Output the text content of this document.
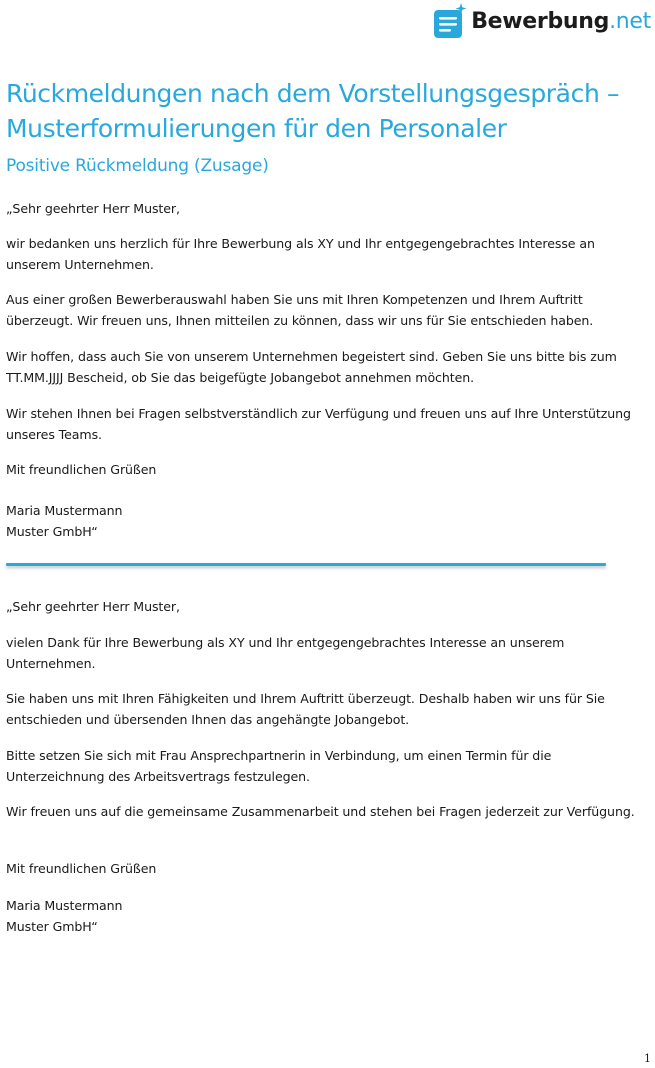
Bewerbung.net
Rückmeldungen nach dem Vorstellungsgespräch – Musterformulierungen für den Personaler
Positive Rückmeldung (Zusage)

„Sehr geehrter Herr Muster,

wir bedanken uns herzlich für Ihre Bewerbung als XY und Ihr entgegengebrachtes Interesse an unserem Unternehmen.

Aus einer großen Bewerberauswahl haben Sie uns mit Ihren Kompetenzen und Ihrem Auftritt überzeugt. Wir freuen uns, Ihnen mitteilen zu können, dass wir uns für Sie entschieden haben.

Wir hoffen, dass auch Sie von unserem Unternehmen begeistert sind. Geben Sie uns bitte bis zum TT.MM.JJJJ Bescheid, ob Sie das beigefügte Jobangebot annehmen möchten.

Wir stehen Ihnen bei Fragen selbstverständlich zur Verfügung und freuen uns auf Ihre Unterstützung unseres Teams.

Mit freundlichen Grüßen

Maria Mustermann

Muster GmbH“

„Sehr geehrter Herr Muster,

vielen Dank für Ihre Bewerbung als XY und Ihr entgegengebrachtes Interesse an unserem Unternehmen.

Sie haben uns mit Ihren Fähigkeiten und Ihrem Auftritt überzeugt. Deshalb haben wir uns für Sie entschieden und übersenden Ihnen das angehängte Jobangebot.

Bitte setzen Sie sich mit Frau Ansprechpartnerin in Verbindung, um einen Termin für die Unterzeichnung des Arbeitsvertrags festzulegen.

Wir freuen uns auf die gemeinsame Zusammenarbeit und stehen bei Fragen jederzeit zur Verfügung.

Mit freundlichen Grüßen

Maria Mustermann

Muster GmbH“

1
